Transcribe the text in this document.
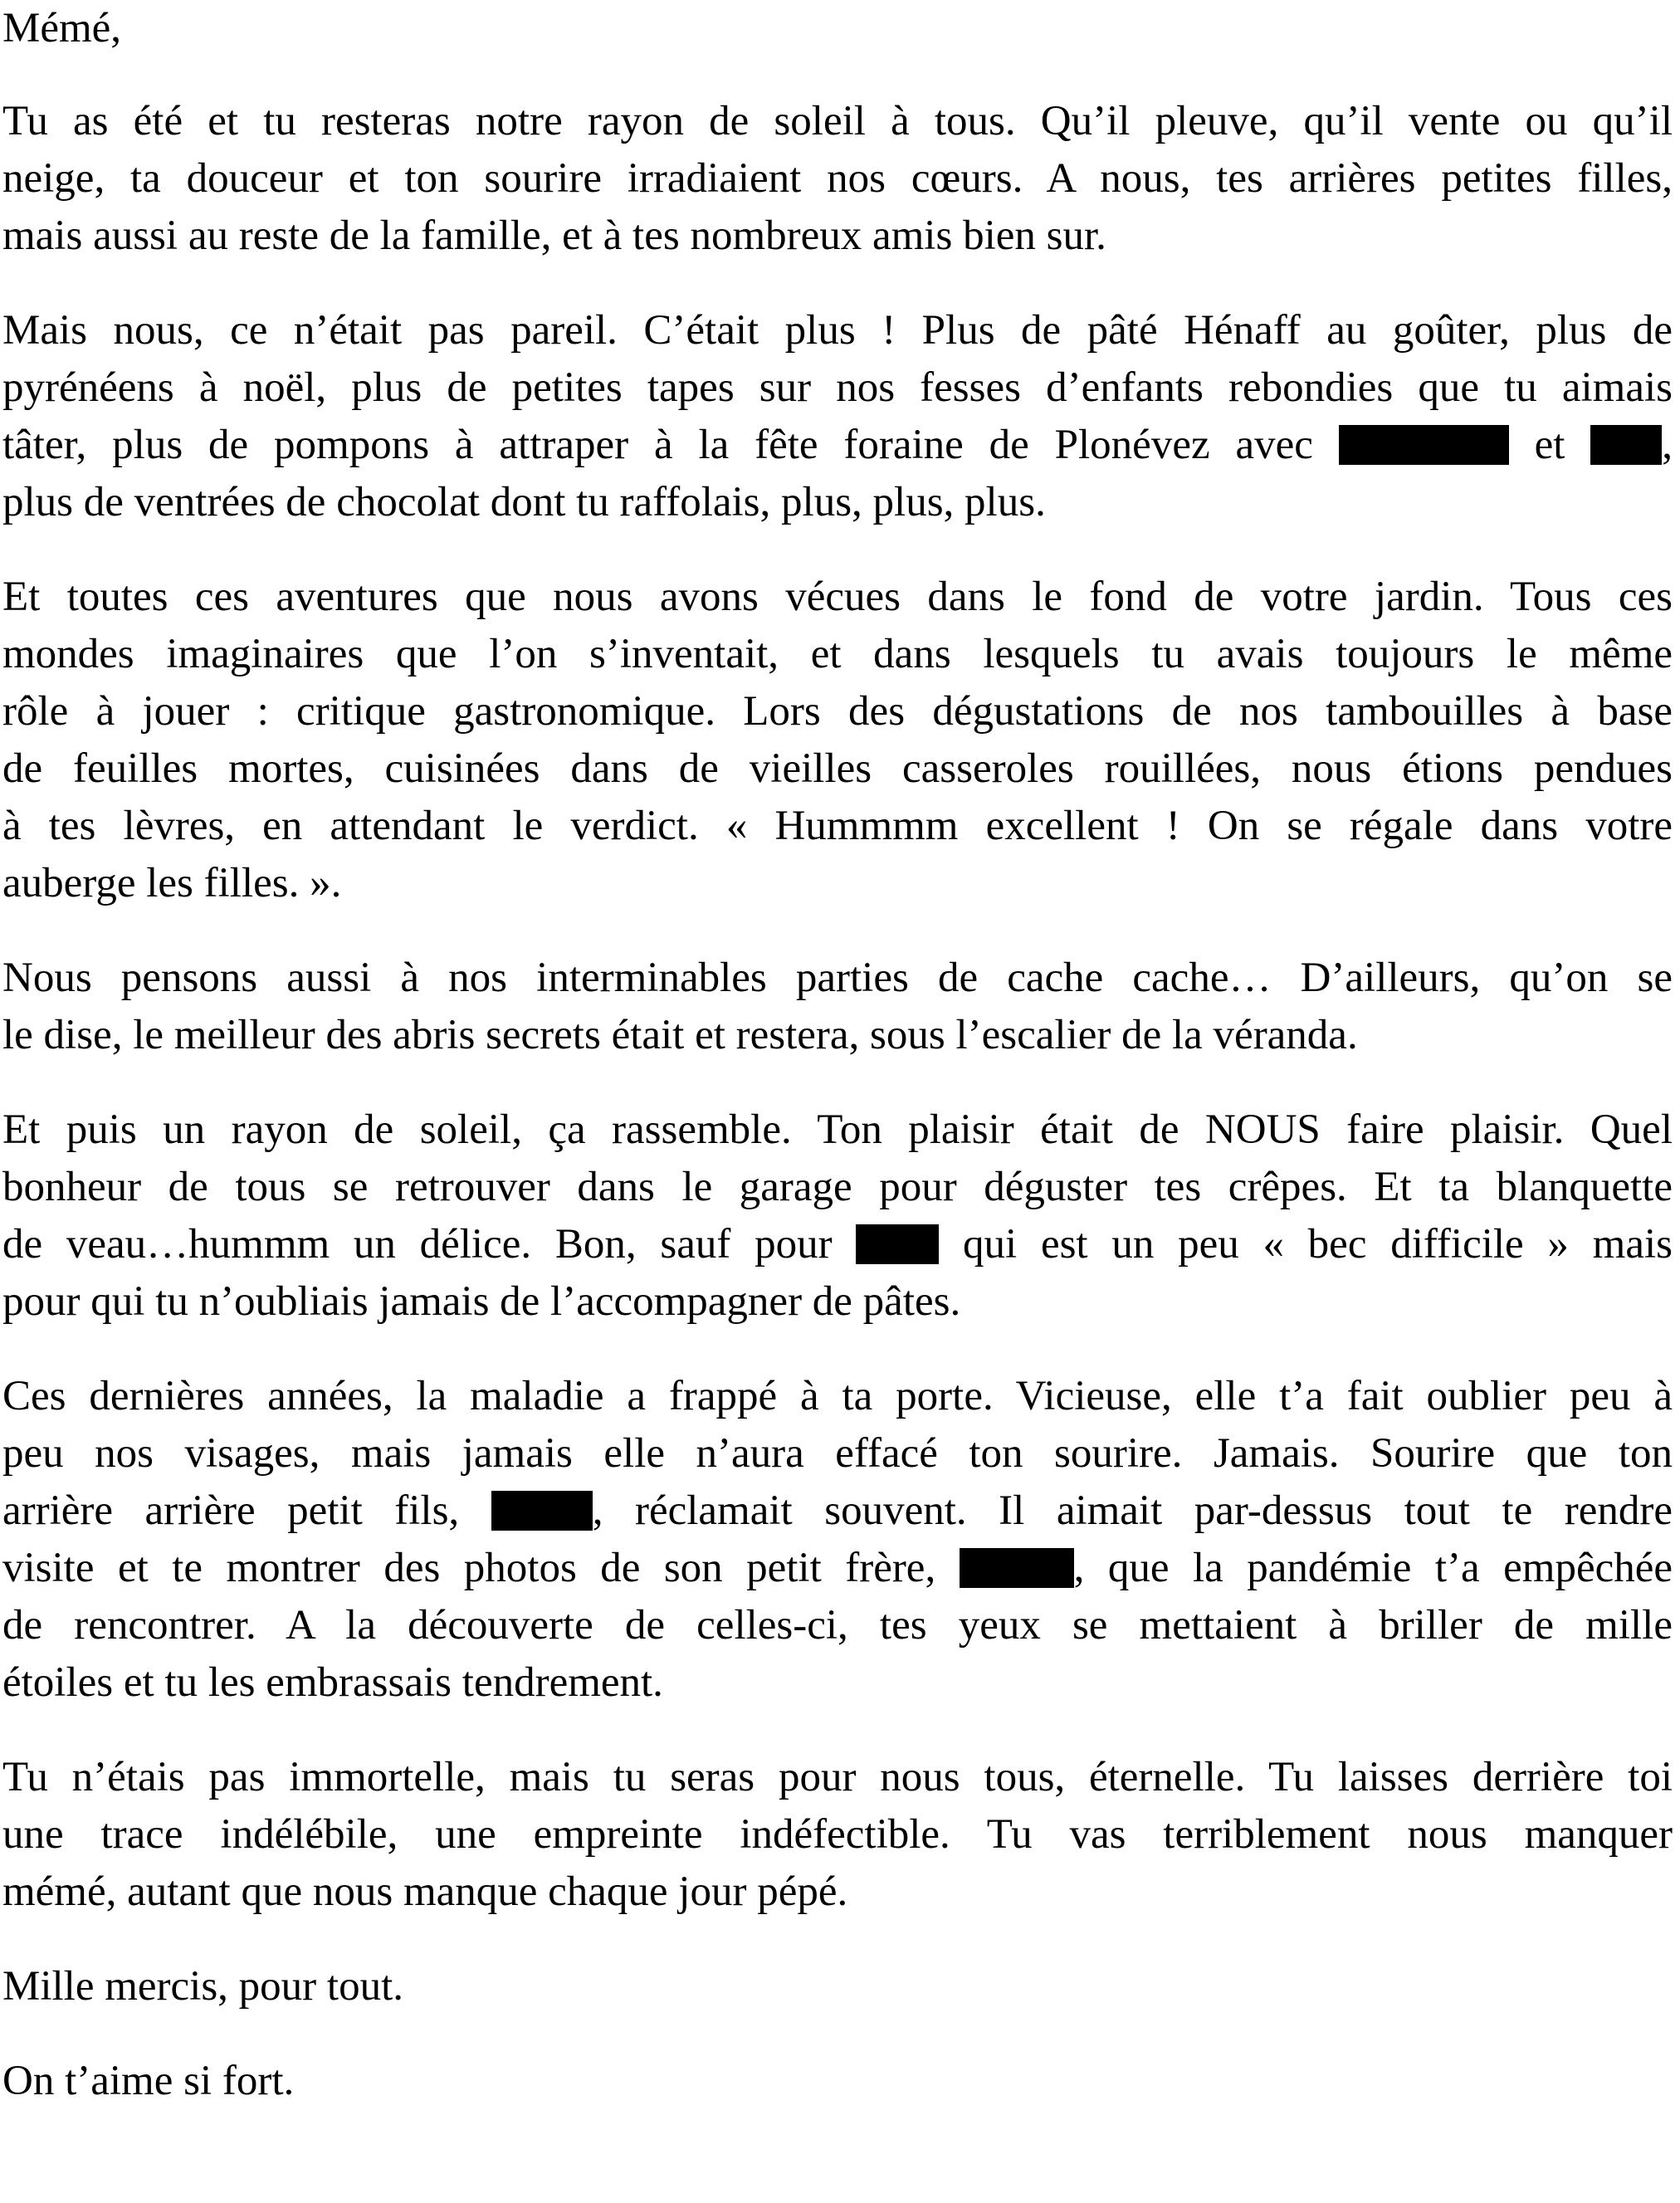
Mémé,
Tu as été et tu resteras notre rayon de soleil à tous. Qu’il pleuve, qu’il vente ou qu’il
neige, ta douceur et ton sourire irradiaient nos cœurs. A nous, tes arrières petites filles,
mais aussi au reste de la famille, et à tes nombreux amis bien sur.
Mais nous, ce n’était pas pareil. C’était plus ! Plus de pâté Hénaff au goûter, plus de
pyrénéens à noël, plus de petites tapes sur nos fesses d’enfants rebondies que tu aimais
tâter, plus de pompons à attraper à la fête foraine de Plonévez avec	et ,
plus de ventrées de chocolat dont tu raffolais, plus, plus, plus.
Et toutes ces aventures que nous avons vécues dans le fond de votre jardin. Tous ces
mondes imaginaires que l’on s’inventait, et dans lesquels tu avais toujours le même
rôle à jouer : critique gastronomique. Lors des dégustations de nos tambouilles à base
de feuilles mortes, cuisinées dans de vieilles casseroles rouillées, nous étions pendues
à tes lèvres, en attendant le verdict. « Hummmm excellent ! On se régale dans votre
auberge les filles. ».
Nous pensons aussi à nos interminables parties de cache cache… D’ailleurs, qu’on se
le dise, le meilleur des abris secrets était et restera, sous l’escalier de la véranda.
Et puis un rayon de soleil, ça rassemble. Ton plaisir était de NOUS faire plaisir. Quel
bonheur de tous se retrouver dans le garage pour déguster tes crêpes. Et ta blanquette
de veau…hummm un délice. Bon, sauf pour  qui est un peu « bec difficile » mais
pour qui tu n’oubliais jamais de l’accompagner de pâtes.
Ces dernières années, la maladie a frappé à ta porte. Vicieuse, elle t’a fait oublier peu à
peu nos visages, mais jamais elle n’aura effacé ton sourire. Jamais. Sourire que ton
arrière arrière petit fils, , réclamait souvent. Il aimait par-dessus tout te rendre
visite et te montrer des photos de son petit frère,	, que la pandémie t’a empêchée
de rencontrer. A la découverte de celles-ci, tes yeux se mettaient à briller de mille
étoiles et tu les embrassais tendrement.
Tu n’étais pas immortelle, mais tu seras pour nous tous, éternelle. Tu laisses derrière toi
une trace indélébile, une empreinte indéfectible. Tu vas terriblement nous manquer
mémé, autant que nous manque chaque jour pépé.
Mille mercis, pour tout.
On t’aime si fort.
